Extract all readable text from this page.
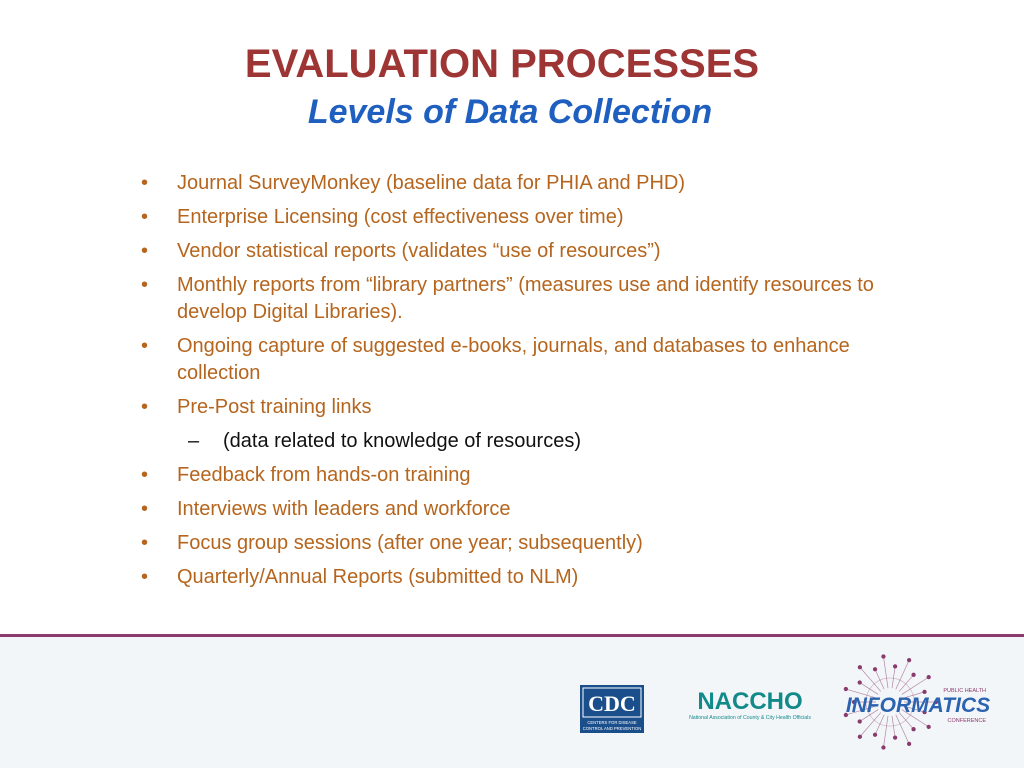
EVALUATION PROCESSES
Levels of Data Collection
• Journal SurveyMonkey (baseline data for PHIA and PHD)
• Enterprise Licensing (cost effectiveness over time)
• Vendor statistical reports (validates “use of resources”)
• Monthly reports from “library partners” (measures use and identify resources to develop Digital Libraries).
• Ongoing capture of suggested e-books, journals, and databases to enhance collection
• Pre-Post training links
– (data related to knowledge of resources)
• Feedback from hands-on training
• Interviews with leaders and workforce
• Focus group sessions (after one year; subsequently)
• Quarterly/Annual Reports (submitted to NLM)
CDC
CENTERS FOR DISEASE
CONTROL AND PREVENTION
NACCHO
National Association of County & City Health Officials
PUBLIC HEALTH
INFORMATICS
CONFERENCE
